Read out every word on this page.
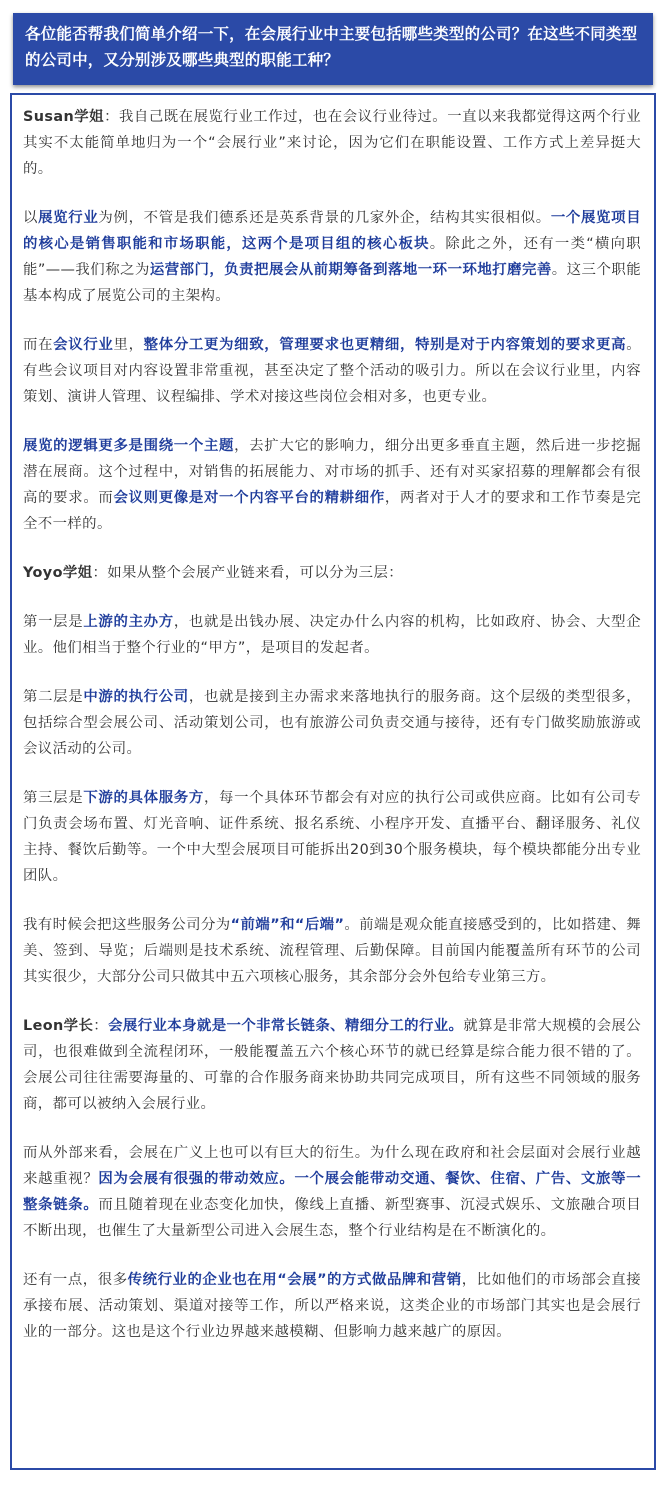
各位能否帮我们简单介绍一下，在会展行业中主要包括哪些类型的公司？在这些不同类型的公司中，又分别涉及哪些典型的职能工种？

Susan学姐：我自己既在展览行业工作过，也在会议行业待过。一直以来我都觉得这两个行业其实不太能简单地归为一个“会展行业”来讨论，因为它们在职能设置、工作方式上差异挺大的。

以展览行业为例，不管是我们德系还是英系背景的几家外企，结构其实很相似。一个展览项目的核心是销售职能和市场职能，这两个是项目组的核心板块。除此之外，还有一类“横向职能”——我们称之为运营部门，负责把展会从前期筹备到落地一环一环地打磨完善。这三个职能基本构成了展览公司的主架构。

而在会议行业里，整体分工更为细致，管理要求也更精细，特别是对于内容策划的要求更高。有些会议项目对内容设置非常重视，甚至决定了整个活动的吸引力。所以在会议行业里，内容策划、演讲人管理、议程编排、学术对接这些岗位会相对多，也更专业。

展览的逻辑更多是围绕一个主题，去扩大它的影响力，细分出更多垂直主题，然后进一步挖掘潜在展商。这个过程中，对销售的拓展能力、对市场的抓手、还有对买家招募的理解都会有很高的要求。而会议则更像是对一个内容平台的精耕细作，两者对于人才的要求和工作节奏是完全不一样的。

Yoyo学姐：如果从整个会展产业链来看，可以分为三层：

第一层是上游的主办方，也就是出钱办展、决定办什么内容的机构，比如政府、协会、大型企业。他们相当于整个行业的“甲方”，是项目的发起者。

第二层是中游的执行公司，也就是接到主办需求来落地执行的服务商。这个层级的类型很多，包括综合型会展公司、活动策划公司，也有旅游公司负责交通与接待，还有专门做奖励旅游或会议活动的公司。

第三层是下游的具体服务方，每一个具体环节都会有对应的执行公司或供应商。比如有公司专门负责会场布置、灯光音响、证件系统、报名系统、小程序开发、直播平台、翻译服务、礼仪主持、餐饮后勤等。一个中大型会展项目可能拆出20到30个服务模块，每个模块都能分出专业团队。

我有时候会把这些服务公司分为“前端”和“后端”。前端是观众能直接感受到的，比如搭建、舞美、签到、导览；后端则是技术系统、流程管理、后勤保障。目前国内能覆盖所有环节的公司其实很少，大部分公司只做其中五六项核心服务，其余部分会外包给专业第三方。

Leon学长：会展行业本身就是一个非常长链条、精细分工的行业。就算是非常大规模的会展公司，也很难做到全流程闭环，一般能覆盖五六个核心环节的就已经算是综合能力很不错的了。会展公司往往需要海量的、可靠的合作服务商来协助共同完成项目，所有这些不同领域的服务商，都可以被纳入会展行业。

而从外部来看，会展在广义上也可以有巨大的衍生。为什么现在政府和社会层面对会展行业越来越重视？因为会展有很强的带动效应。一个展会能带动交通、餐饮、住宿、广告、文旅等一整条链条。而且随着现在业态变化加快，像线上直播、新型赛事、沉浸式娱乐、文旅融合项目不断出现，也催生了大量新型公司进入会展生态，整个行业结构是在不断演化的。

还有一点，很多传统行业的企业也在用“会展”的方式做品牌和营销，比如他们的市场部会直接承接布展、活动策划、渠道对接等工作，所以严格来说，这类企业的市场部门其实也是会展行业的一部分。这也是这个行业边界越来越模糊、但影响力越来越广的原因。
